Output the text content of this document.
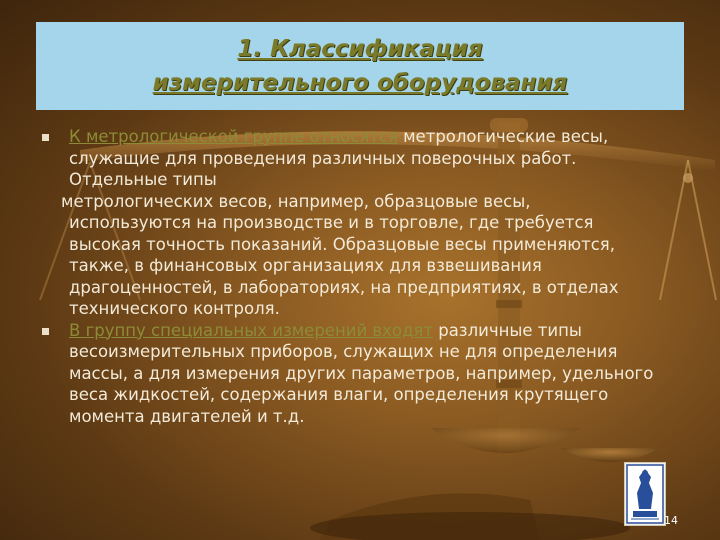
1. Классификация измерительного оборудования
К метрологической группе относятся метрологические весы,
служащие для проведения различных поверочных работ.
Отдельные типы
метрологических весов, например, образцовые весы,
используются на производстве и в торговле, где требуется
высокая точность показаний. Образцовые весы применяются,
также, в финансовых организациях для взвешивания
драгоценностей, в лабораториях, на предприятиях, в отделах
технического контроля.
В группу специальных измерений входят различные типы
весоизмерительных приборов, служащих не для определения
массы, а для измерения других параметров, например, удельного
веса жидкостей, содержания влаги, определения крутящего
момента двигателей и т.д.
14
